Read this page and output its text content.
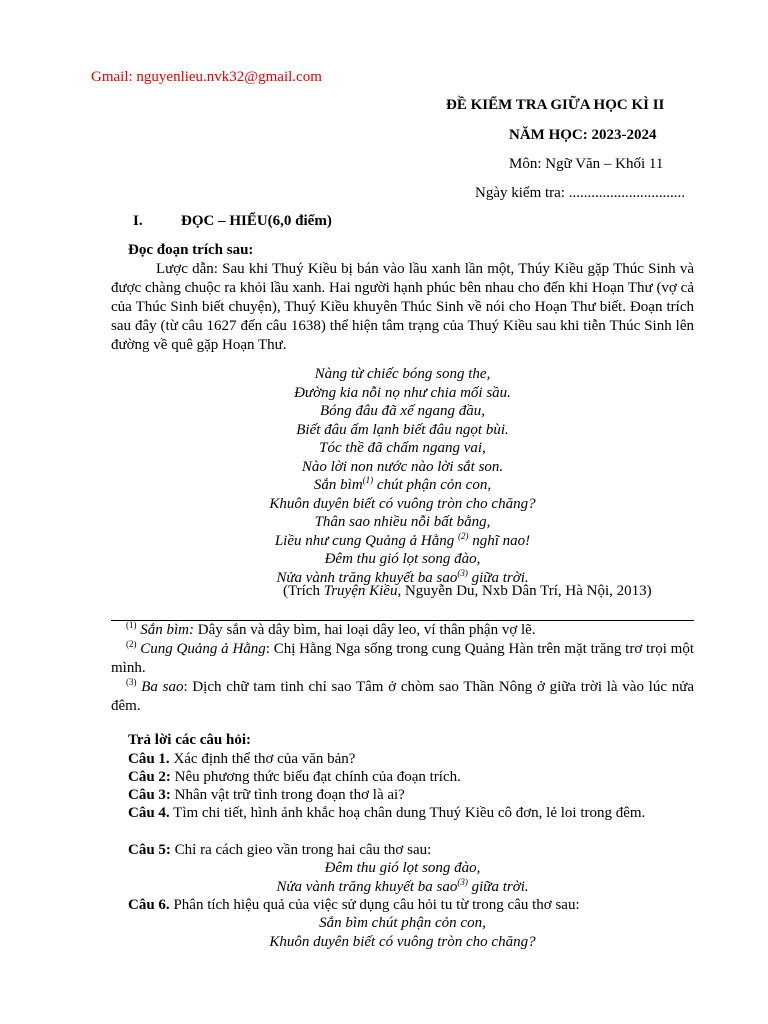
Gmail: nguyenlieu.nvk32@gmail.com
ĐỀ KIỂM TRA GIỮA HỌC KÌ II
NĂM HỌC: 2023-2024
Môn: Ngữ Văn – Khối 11
Ngày kiểm tra: ...............................
I.	ĐỌC – HIỂU(6,0 điểm)
Đọc đoạn trích sau:
Lược dẫn: Sau khi Thuý Kiều bị bán vào lầu xanh lần một, Thúy Kiều gặp Thúc Sinh và được chàng chuộc ra khỏi lầu xanh. Hai người hạnh phúc bên nhau cho đến khi Hoạn Thư (vợ cả của Thúc Sinh biết chuyện), Thuý Kiều khuyên Thúc Sinh về nói cho Hoạn Thư biết. Đoạn trích sau đây (từ câu 1627 đến câu 1638) thể hiện tâm trạng của Thuý Kiều sau khi tiễn Thúc Sinh lên đường về quê gặp Hoạn Thư.
Nàng từ chiếc bóng song the,
Đường kia nỗi nọ như chia mối sầu.
Bóng đâu đã xế ngang đầu,
Biết đâu ấm lạnh biết đâu ngọt bùi.
Tóc thề đã chấm ngang vai,
Nào lời non nước nào lời sắt son.
Sắn bìm$^{(1)}$ chút phận cỏn con,
Khuôn duyên biết có vuông tròn cho chăng?
Thân sao nhiều nỗi bất bằng,
Liều như cung Quảng ả Hằng $^{(2)}$ nghĩ nao!
Đêm thu gió lọt song đào,
Nửa vành trăng khuyết ba sao$^{(3)}$ giữa trời.
(Trích Truyện Kiều, Nguyễn Du, Nxb Dân Trí, Hà Nội, 2013)
$^{(1)}$ Sắn bìm: Dây sắn và dây bìm, hai loại dây leo, ví thân phận vợ lẽ.
$^{(2)}$ Cung Quảng ả Hằng: Chị Hằng Nga sống trong cung Quảng Hàn trên mặt trăng trơ trọi một mình.
$^{(3)}$ Ba sao: Dịch chữ tam tinh chỉ sao Tâm ở chòm sao Thần Nông ở giữa trời là vào lúc nửa đêm.
Trả lời các câu hỏi:
Câu 1. Xác định thể thơ của văn bản?
Câu 2: Nêu phương thức biểu đạt chính của đoạn trích.
Câu 3: Nhân vật trữ tình trong đoạn thơ là ai?
Câu 4. Tìm chi tiết, hình ảnh khắc hoạ chân dung Thuý Kiều cô đơn, lẻ loi trong đêm.
Câu 5: Chỉ ra cách gieo vần trong hai câu thơ sau:
Đêm thu gió lọt song đào,
Nửa vành trăng khuyết ba sao$^{(3)}$ giữa trời.
Câu 6. Phân tích hiệu quả của việc sử dụng câu hỏi tu từ trong câu thơ sau:
Sắn bìm chút phận cỏn con,
Khuôn duyên biết có vuông tròn cho chăng?
